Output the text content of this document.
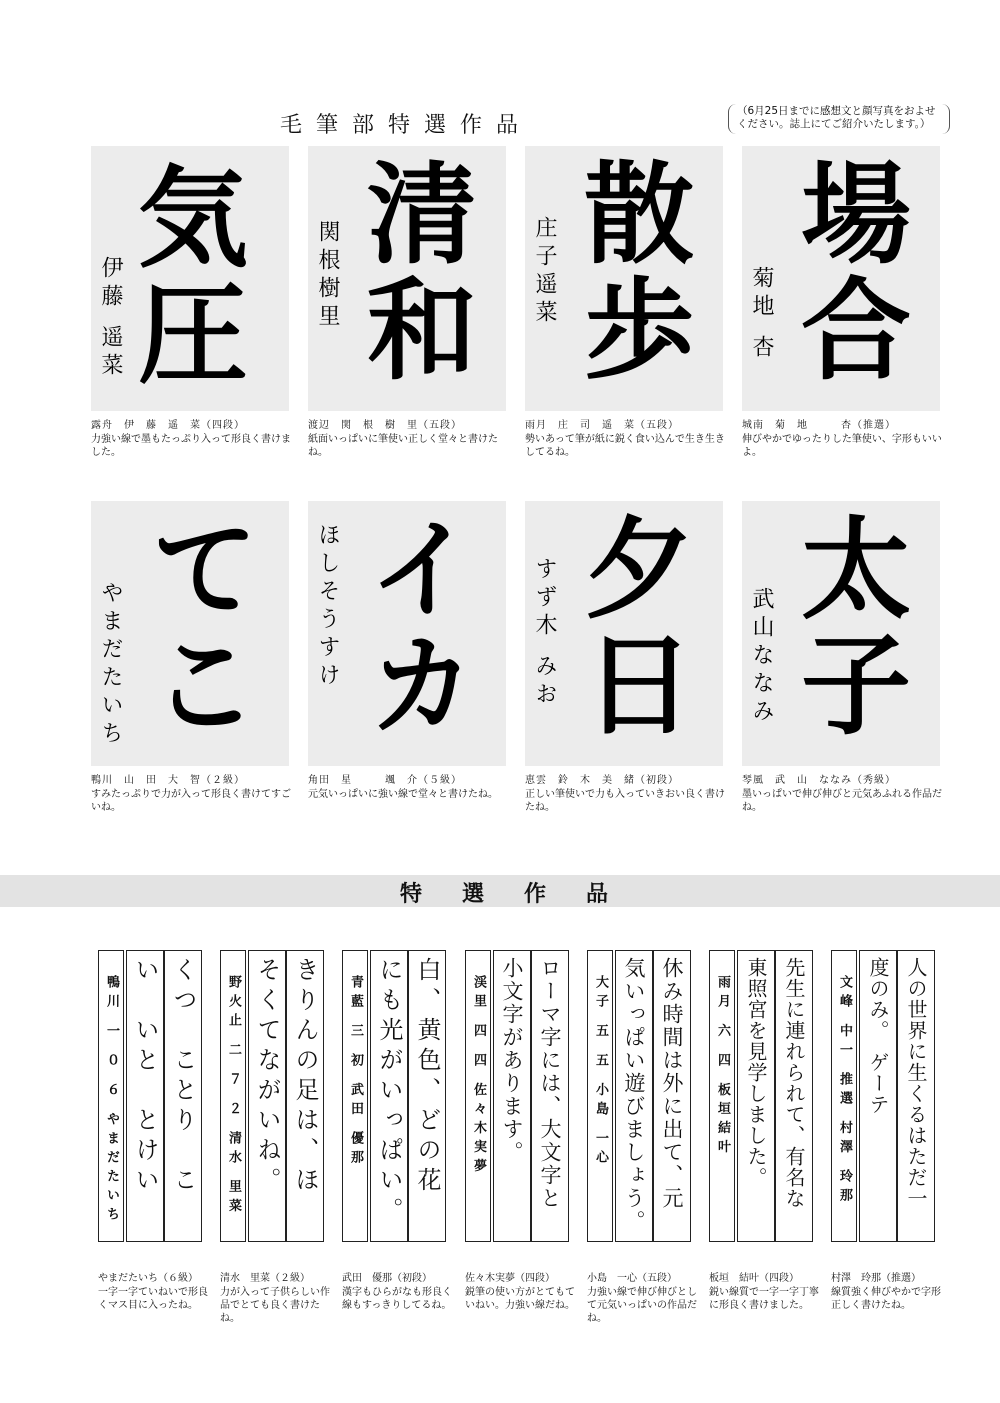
毛筆部特選作品
（6月25日までに感想文と顔写真をおよせください。誌上にてご紹介いたします。）
気圧
伊藤 遥菜
露舟　伊　藤　遥　菜（四段）
力強い線で墨もたっぷり入って形良く書けました。
清和
関根樹里
渡辺　関　根　樹　里（五段）
紙面いっぱいに筆使い正しく堂々と書けたね。
散歩
庄子遥菜
雨月　庄　司　遥　菜（五段）
勢いあって筆が紙に鋭く食い込んで生き生きしてるね。
場合
菊地 杏
城南　菊　地　　　杏（推選）
伸びやかでゆったりした筆使い、字形もいいよ。
てこ
やまだたいち
鴨川　山　田　大　智（２級）
すみたっぷりで力が入って形良く書けてすごいね。
イカ
ほしそうすけ
角田　星　　　颯　介（５級）
元気いっぱいに強い線で堂々と書けたね。
夕日
すず木 みお
恵雲　鈴　木　美　緒（初段）
正しい筆使いで力も入っていきおい良く書けたね。
太子
武山ななみ
琴風　武　山　ななみ（秀級）
墨いっぱいで伸び伸びと元気あふれる作品だね。
特選作品
くつ　ことり　こ
い　いと　とけい
鴨川 一 ０ ６ やまだたいち
やまだたいち（６級）
一字一字ていねいで形良くマス目に入ったね。
きりんの足は、ほ
そくてながいね。
野火止 二 ７ ２ 清水 里菜
清水　里菜（２級）
力が入って子供らしい作品でとても良く書けたね。
白、黄色、どの花
にも光がいっぱい。
青藍 三 初 武田 優那
武田　優那（初段）
漢字もひらがなも形良く線もすっきりしてるね。
ローマ字には、大文字と
小文字があります。
渓里 四 四 佐々木実夢
佐々木実夢（四段）
鋭筆の使い方がとてもていねい。力強い線だね。
休み時間は外に出て、元
気いっぱい遊びましょう。
大子 五 五 小島 一心
小島　一心（五段）
力強い線で伸び伸びとして元気いっぱいの作品だね。
先生に連れられて、有名な
東照宮を見学しました。
雨月 六 四 板垣結叶
板垣　結叶（四段）
鋭い線質で一字一字丁寧に形良く書けました。
人の世界に生くるはただ一
度のみ。　ゲーテ
文峰 中一 推選 村澤 玲那
村澤　玲那（推選）
線質強く伸びやかで字形正しく書けたね。
